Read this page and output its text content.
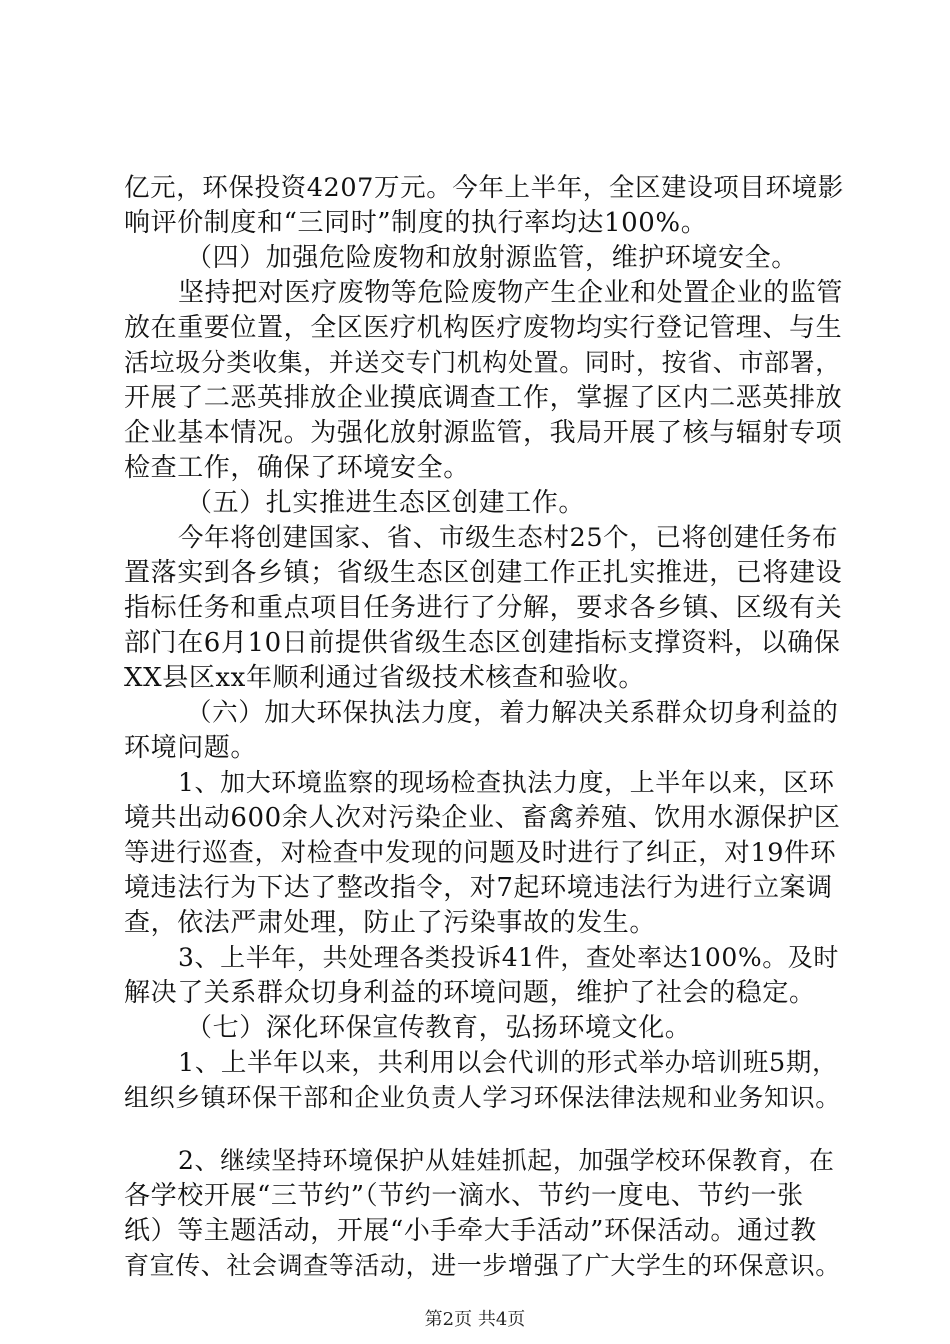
亿元，环保投资4207万元。今年上半年，全区建设项目环境影
响评价制度和“三同时”制度的执行率均达100%。
（四）加强危险废物和放射源监管，维护环境安全。
坚持把对医疗废物等危险废物产生企业和处置企业的监管
放在重要位置，全区医疗机构医疗废物均实行登记管理、与生
活垃圾分类收集，并送交专门机构处置。同时，按省、市部署，
开展了二恶英排放企业摸底调查工作，掌握了区内二恶英排放
企业基本情况。为强化放射源监管，我局开展了核与辐射专项
检查工作，确保了环境安全。
（五）扎实推进生态区创建工作。
今年将创建国家、省、市级生态村25个，已将创建任务布
置落实到各乡镇；省级生态区创建工作正扎实推进，已将建设
指标任务和重点项目任务进行了分解，要求各乡镇、区级有关
部门在6月10日前提供省级生态区创建指标支撑资料，以确保
XX县区xx年顺利通过省级技术核查和验收。
（六）加大环保执法力度，着力解决关系群众切身利益的
环境问题。
1、加大环境监察的现场检查执法力度，上半年以来，区环
境共出动600余人次对污染企业、畜禽养殖、饮用水源保护区
等进行巡查，对检查中发现的问题及时进行了纠正，对19件环
境违法行为下达了整改指令，对7起环境违法行为进行立案调
查，依法严肃处理，防止了污染事故的发生。
3、上半年，共处理各类投诉41件，查处率达100%。及时
解决了关系群众切身利益的环境问题，维护了社会的稳定。
（七）深化环保宣传教育，弘扬环境文化。
1、上半年以来，共利用以会代训的形式举办培训班5期，
组织乡镇环保干部和企业负责人学习环保法律法规和业务知识。
2、继续坚持环境保护从娃娃抓起，加强学校环保教育，在
各学校开展“三节约”（节约一滴水、节约一度电、节约一张
纸）等主题活动，开展“小手牵大手活动”环保活动。通过教
育宣传、社会调查等活动，进一步增强了广大学生的环保意识。
第2页 共4页
